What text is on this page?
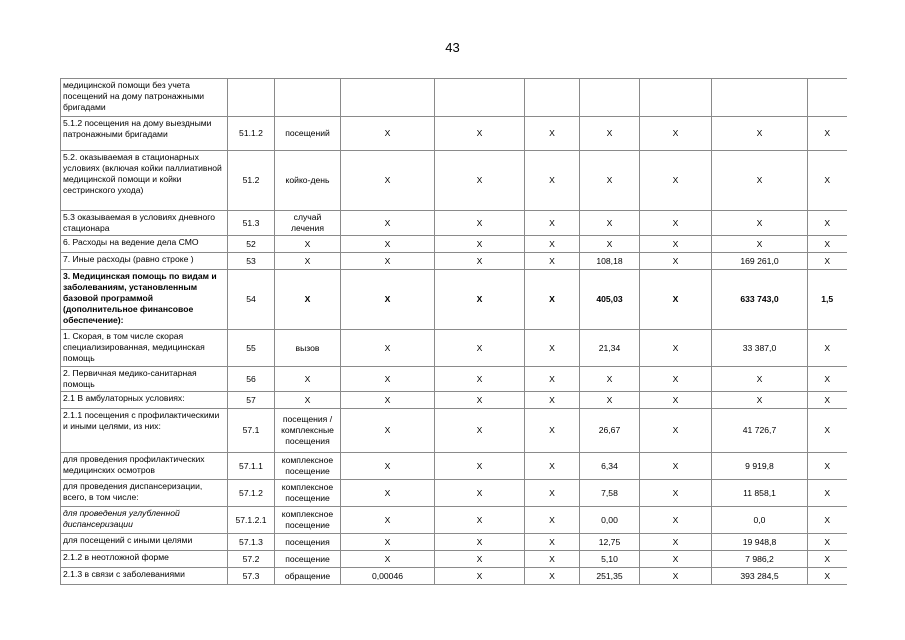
43
медицинской помощи без учета посещений на дому патронажными бригадами									
5.1.2 посещения на дому выездными патронажными бригадами	51.1.2	посещений	X	X	X	X	X	X	X
5.2. оказываемая в стационарных условиях (включая койки паллиативной медицинской помощи и койки сестринского ухода)	51.2	койко-день	X	X	X	X	X	X	X
5.3 оказываемая в условиях дневного стационара	51.3	случай лечения	X	X	X	X	X	X	X
6. Расходы на ведение дела СМО	52	X	X	X	X	X	X	X	X
7. Иные расходы (равно строке )	53	X	X	X	X	108,18	X	169 261,0	X
3. Медицинская помощь по видам и заболеваниям, установленным базовой программой (дополнительное финансовое обеспечение):	54	X	X	X	X	405,03	X	633 743,0	1,5
1. Скорая, в том числе скорая специализированная, медицинская помощь	55	вызов	X	X	X	21,34	X	33 387,0	X
2. Первичная медико-санитарная помощь	56	X	X	X	X	X	X	X	X
2.1 В амбулаторных условиях:	57	X	X	X	X	X	X	X	X
2.1.1 посещения с профилактическими и иными целями, из них:	57.1	посещения / комплексные посещения	X	X	X	26,67	X	41 726,7	X
для проведения профилактических медицинских осмотров	57.1.1	комплексное посещение	X	X	X	6,34	X	9 919,8	X
для проведения диспансеризации, всего, в том числе:	57.1.2	комплексное посещение	X	X	X	7,58	X	11 858,1	X
для проведения углубленной диспансеризации	57.1.2.1	комплексное посещение	X	X	X	0,00	X	0,0	X
для посещений с иными целями	57.1.3	посещения	X	X	X	12,75	X	19 948,8	X
2.1.2 в неотложной форме	57.2	посещение	X	X	X	5,10	X	7 986,2	X
2.1.3 в связи с заболеваниями	57.3	обращение	0,00046	X	X	251,35	X	393 284,5	X
